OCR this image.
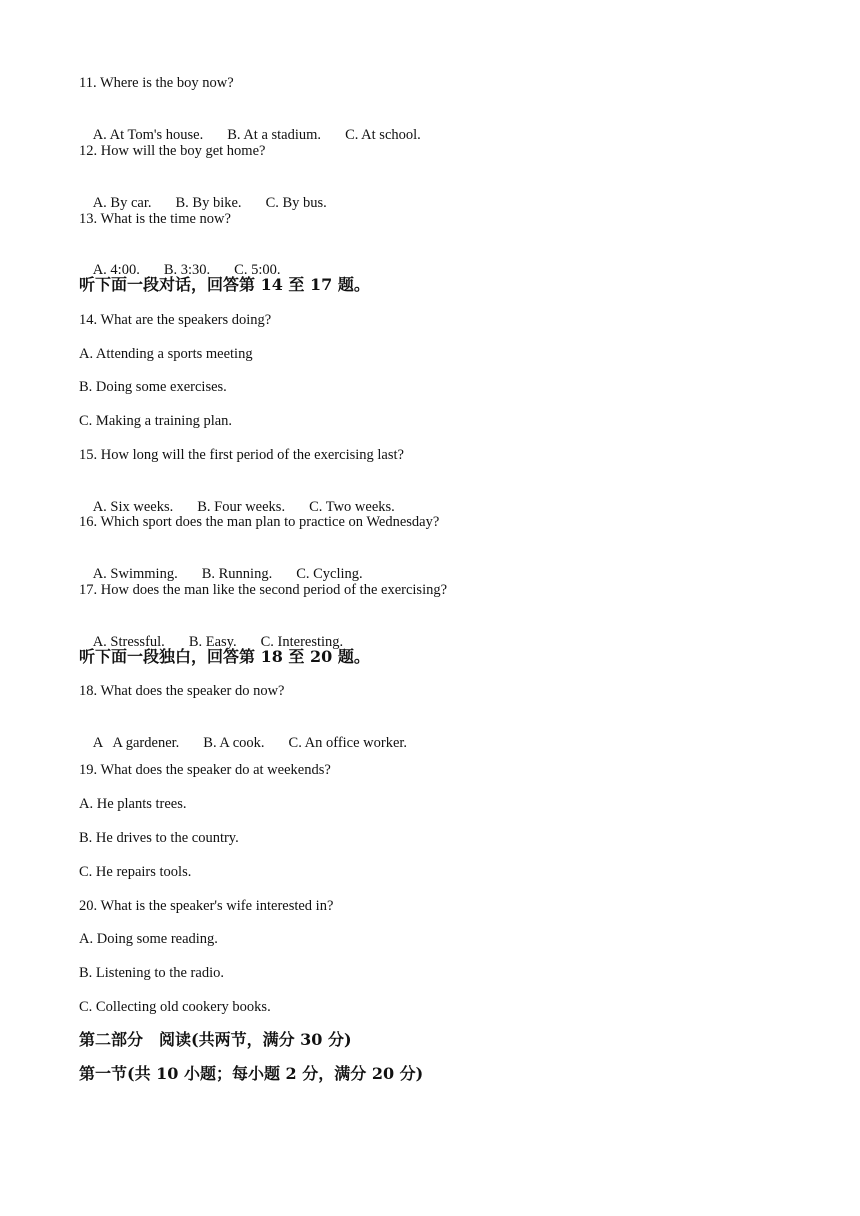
11. Where is the boy now?

A. At Tom's house. B. At a stadium. C. At school.

12. How will the boy get home?

A. By car. B. By bike. C. By bus.

13. What is the time now?

A. 4:00. B. 3:30. C. 5:00.

听下面一段对话，回答第 14 至 17 题。
14. What are the speakers doing?
A. Attending a sports meeting
B. Doing some exercises.
C. Making a training plan.
15. How long will the first period of the exercising last?

A. Six weeks. B. Four weeks. C. Two weeks.

16. Which sport does the man plan to practice on Wednesday?

A. Swimming. B. Running. C. Cycling.

17. How does the man like the second period of the exercising?

A. Stressful. B. Easy. C. Interesting.

听下面一段独白，回答第 18 至 20 题。
18. What does the speaker do now?

A   A gardener. B. A cook. C. An office worker.

19. What does the speaker do at weekends?
A. He plants trees.
B. He drives to the country.
C. He repairs tools.
20. What is the speaker's wife interested in?
A. Doing some reading.
B. Listening to the radio.
C. Collecting old cookery books.
第二部分　阅读(共两节，满分 30 分)
第一节(共 10 小题；每小题 2 分，满分 20 分)
